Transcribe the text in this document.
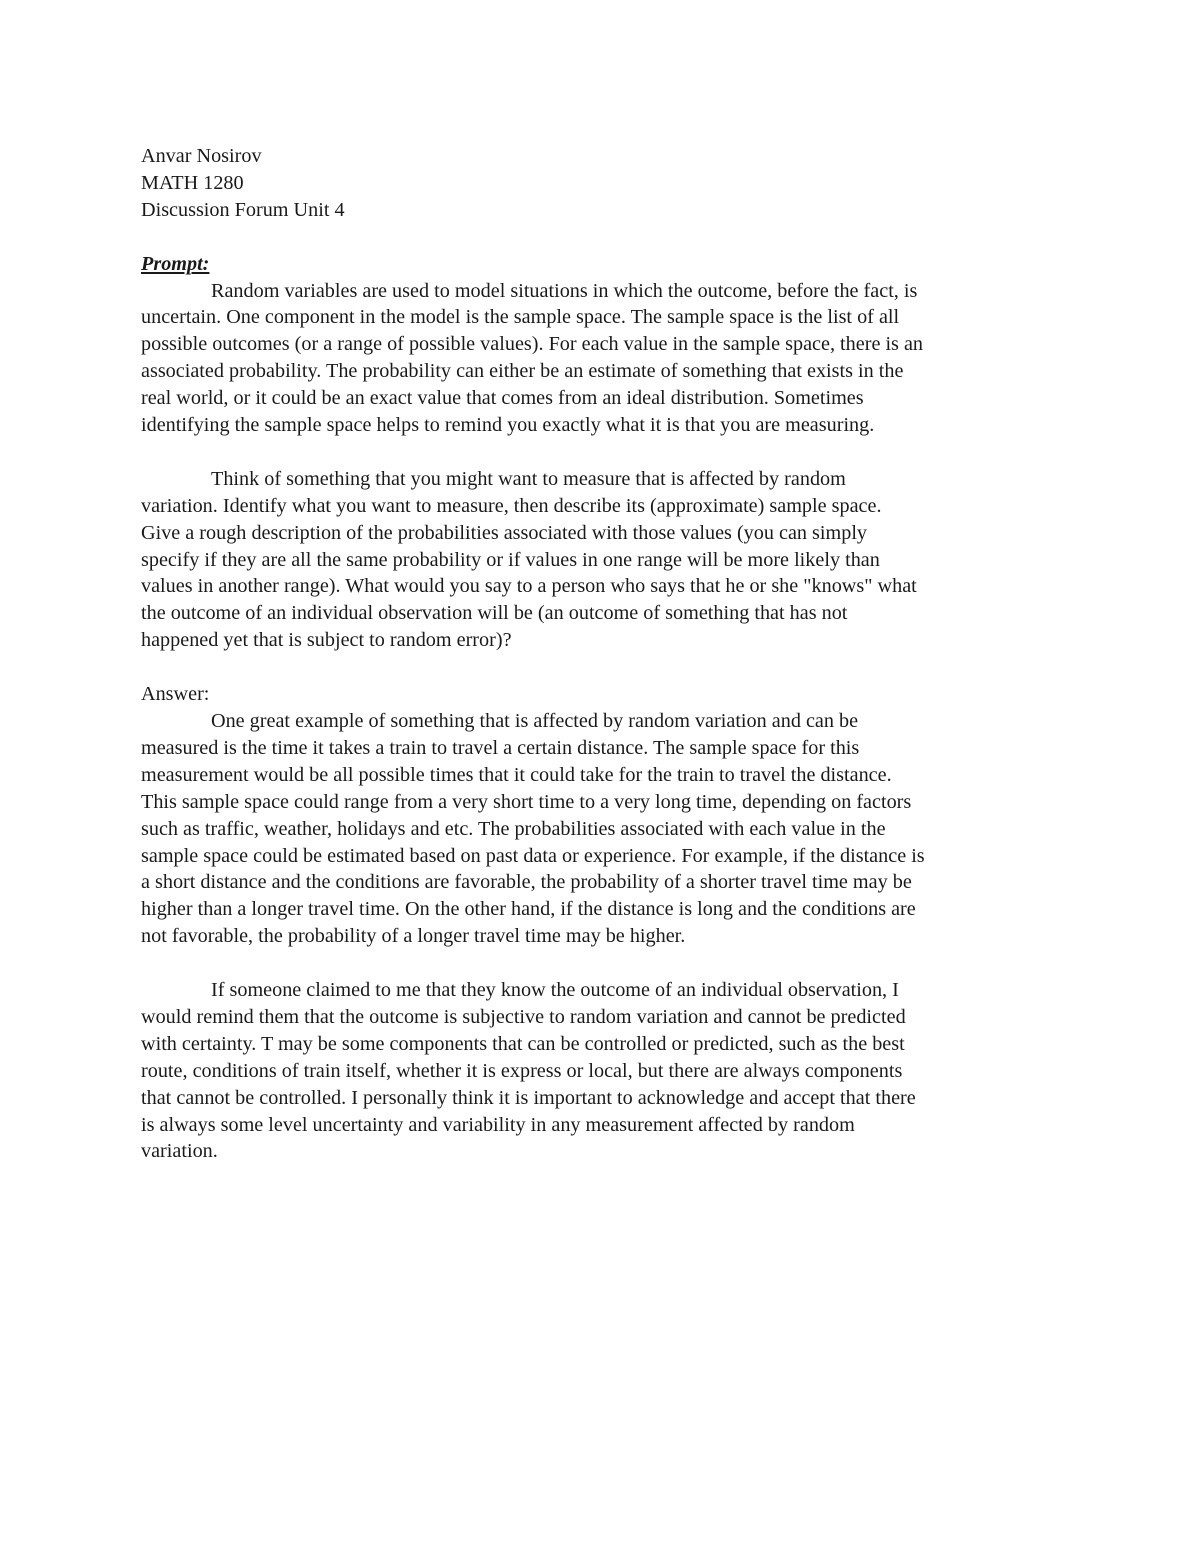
Anvar Nosirov
MATH 1280
Discussion Forum Unit 4
Prompt:
Random variables are used to model situations in which the outcome, before the fact, is
uncertain. One component in the model is the sample space. The sample space is the list of all
possible outcomes (or a range of possible values). For each value in the sample space, there is an
associated probability. The probability can either be an estimate of something that exists in the
real world, or it could be an exact value that comes from an ideal distribution. Sometimes
identifying the sample space helps to remind you exactly what it is that you are measuring.
Think of something that you might want to measure that is affected by random
variation. Identify what you want to measure, then describe its (approximate) sample space.
Give a rough description of the probabilities associated with those values (you can simply
specify if they are all the same probability or if values in one range will be more likely than
values in another range). What would you say to a person who says that he or she "knows" what
the outcome of an individual observation will be (an outcome of something that has not
happened yet that is subject to random error)?
Answer:
One great example of something that is affected by random variation and can be
measured is the time it takes a train to travel a certain distance. The sample space for this
measurement would be all possible times that it could take for the train to travel the distance.
This sample space could range from a very short time to a very long time, depending on factors
such as traffic, weather, holidays and etc. The probabilities associated with each value in the
sample space could be estimated based on past data or experience. For example, if the distance is
a short distance and the conditions are favorable, the probability of a shorter travel time may be
higher than a longer travel time. On the other hand, if the distance is long and the conditions are
not favorable, the probability of a longer travel time may be higher.
If someone claimed to me that they know the outcome of an individual observation, I
would remind them that the outcome is subjective to random variation and cannot be predicted
with certainty. T may be some components that can be controlled or predicted, such as the best
route, conditions of train itself, whether it is express or local, but there are always components
that cannot be controlled. I personally think it is important to acknowledge and accept that there
is always some level uncertainty and variability in any measurement affected by random
variation.
